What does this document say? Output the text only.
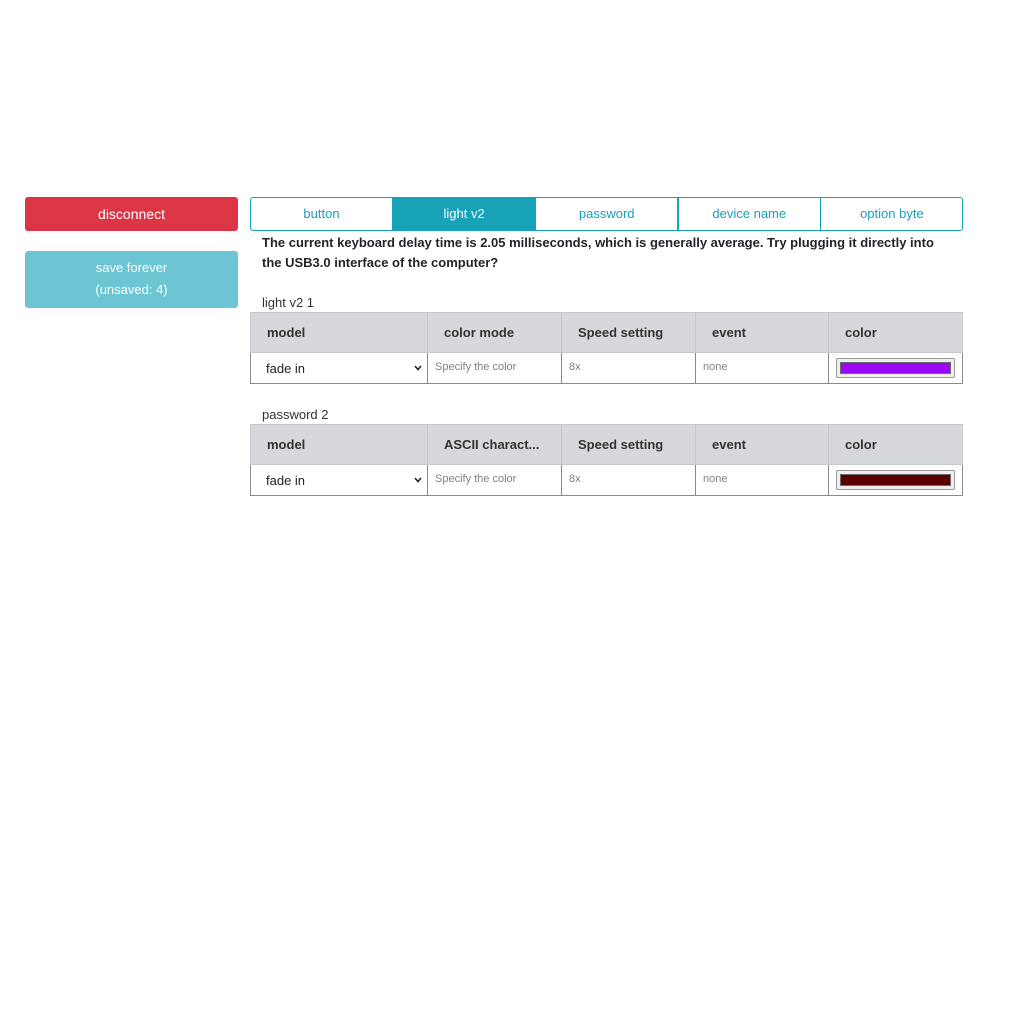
disconnect
save forever
(unsaved: 4)
button	light v2	password	device name	option byte

The current keyboard delay time is 2.05 milliseconds, which is generally average. Try plugging it directly into the USB3.0 interface of the computer?

light v2 1
model	color mode	Speed setting	event	color

fade in	Specify the color	8x	none	

password 2
model	ASCII charact...	Speed setting	event	color

fade in	Specify the color	8x	none	
